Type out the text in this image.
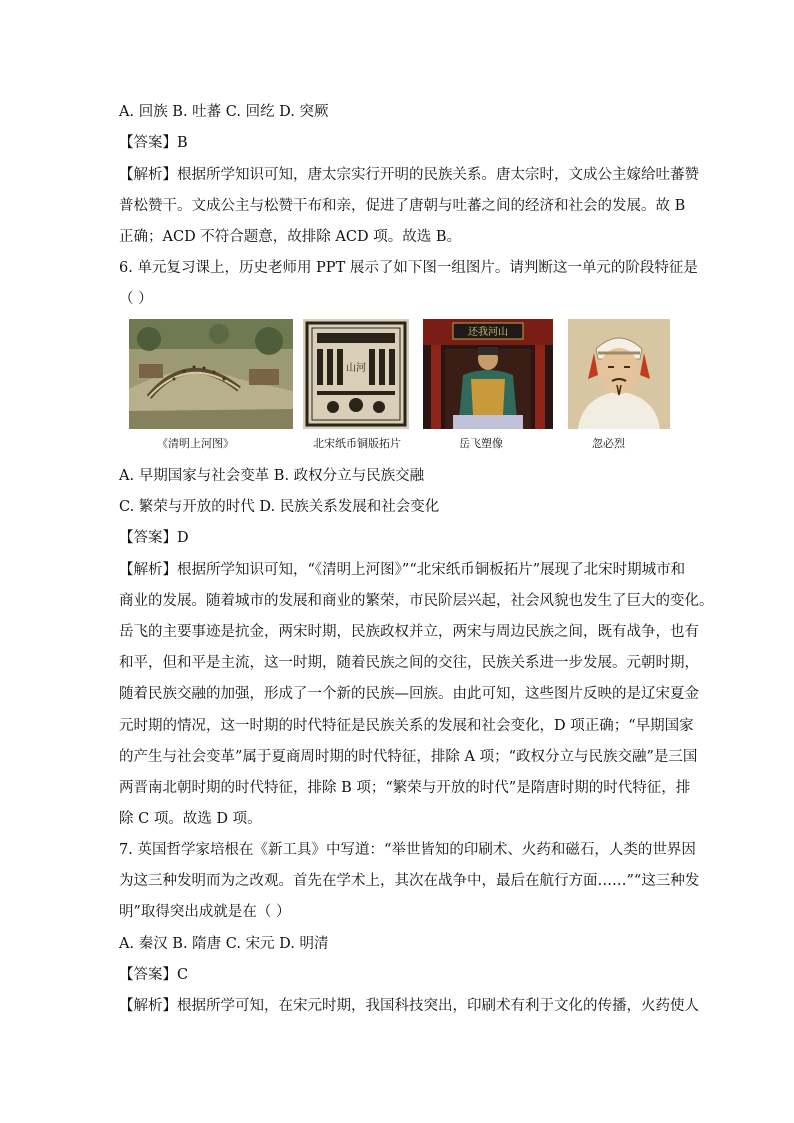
A. 回族 B. 吐蕃 C. 回纥 D. 突厥
【答案】B
【解析】根据所学知识可知，唐太宗实行开明的民族关系。唐太宗时，文成公主嫁给吐蕃赞
普松赞干。文成公主与松赞干布和亲，促进了唐朝与吐蕃之间的经济和社会的发展。故 B
正确；ACD 不符合题意，故排除 ACD 项。故选 B。
6. 单元复习课上，历史老师用 PPT 展示了如下图一组图片。请判断这一单元的阶段特征是
（ ）
《清明上河图》
山河
北宋纸币铜版拓片
还我河山
岳飞塑像	忽必烈
A. 早期国家与社会变革 B. 政权分立与民族交融
C. 繁荣与开放的时代 D. 民族关系发展和社会变化
【答案】D
【解析】根据所学知识可知，“《清明上河图》”“北宋纸币铜板拓片”展现了北宋时期城市和
商业的发展。随着城市的发展和商业的繁荣，市民阶层兴起，社会风貌也发生了巨大的变化。
岳飞的主要事迹是抗金，两宋时期，民族政权并立，两宋与周边民族之间，既有战争，也有
和平，但和平是主流，这一时期，随着民族之间的交往，民族关系进一步发展。元朝时期，
随着民族交融的加强，形成了一个新的民族—回族。由此可知，这些图片反映的是辽宋夏金
元时期的情况，这一时期的时代特征是民族关系的发展和社会变化，D 项正确；“早期国家
的产生与社会变革”属于夏商周时期的时代特征，排除 A 项；“政权分立与民族交融”是三国
两晋南北朝时期的时代特征，排除 B 项；“繁荣与开放的时代”是隋唐时期的时代特征，排
除 C 项。故选 D 项。
7. 英国哲学家培根在《新工具》中写道：“举世皆知的印刷术、火药和磁石，人类的世界因
为这三种发明而为之改观。首先在学术上，其次在战争中，最后在航行方面……”“这三种发
明”取得突出成就是在（ ）
A. 秦汉 B. 隋唐 C. 宋元 D. 明清
【答案】C
【解析】根据所学可知，在宋元时期，我国科技突出，印刷术有利于文化的传播，火药使人
